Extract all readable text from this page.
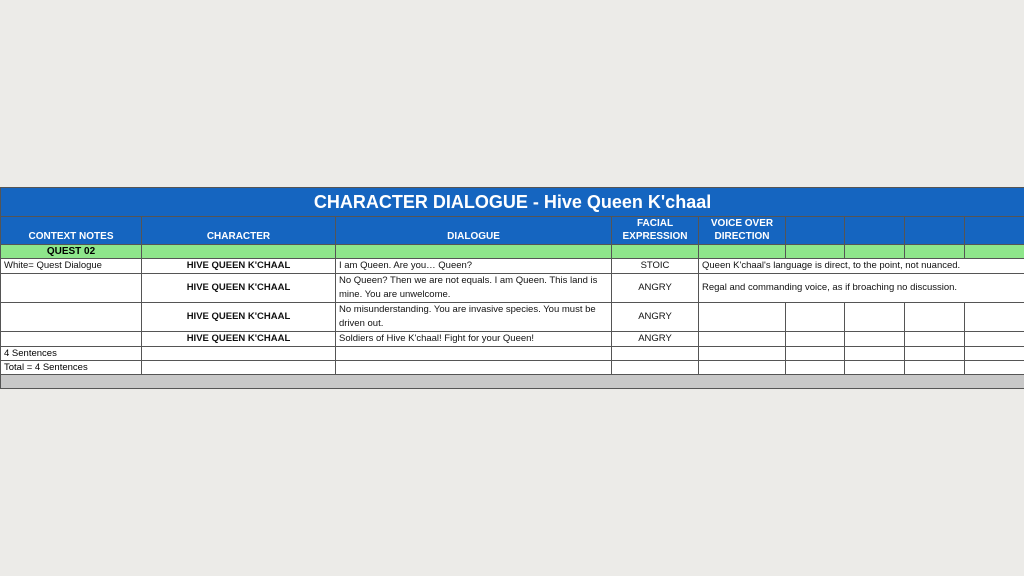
CHARACTER DIALOGUE - Hive Queen K'chaal								
CONTEXT NOTES	CHARACTER	DIALOGUE	FACIAL EXPRESSION	VOICE OVER DIRECTION				
QUEST 02								
White= Quest Dialogue	HIVE QUEEN K'CHAAL	I am Queen. Are you… Queen?	STOIC	Queen K'chaal's language is direct, to the point, not nuanced.				
	HIVE QUEEN K'CHAAL	No Queen? Then we are not equals. I am Queen. This land is mine. You are unwelcome.	ANGRY	Regal and commanding voice, as if broaching no discussion.				
	HIVE QUEEN K'CHAAL	No misunderstanding. You are invasive species. You must be driven out.	ANGRY					
	HIVE QUEEN K'CHAAL	Soldiers of Hive K'chaal! Fight for your Queen!	ANGRY					
4 Sentences								
Total = 4 Sentences								
